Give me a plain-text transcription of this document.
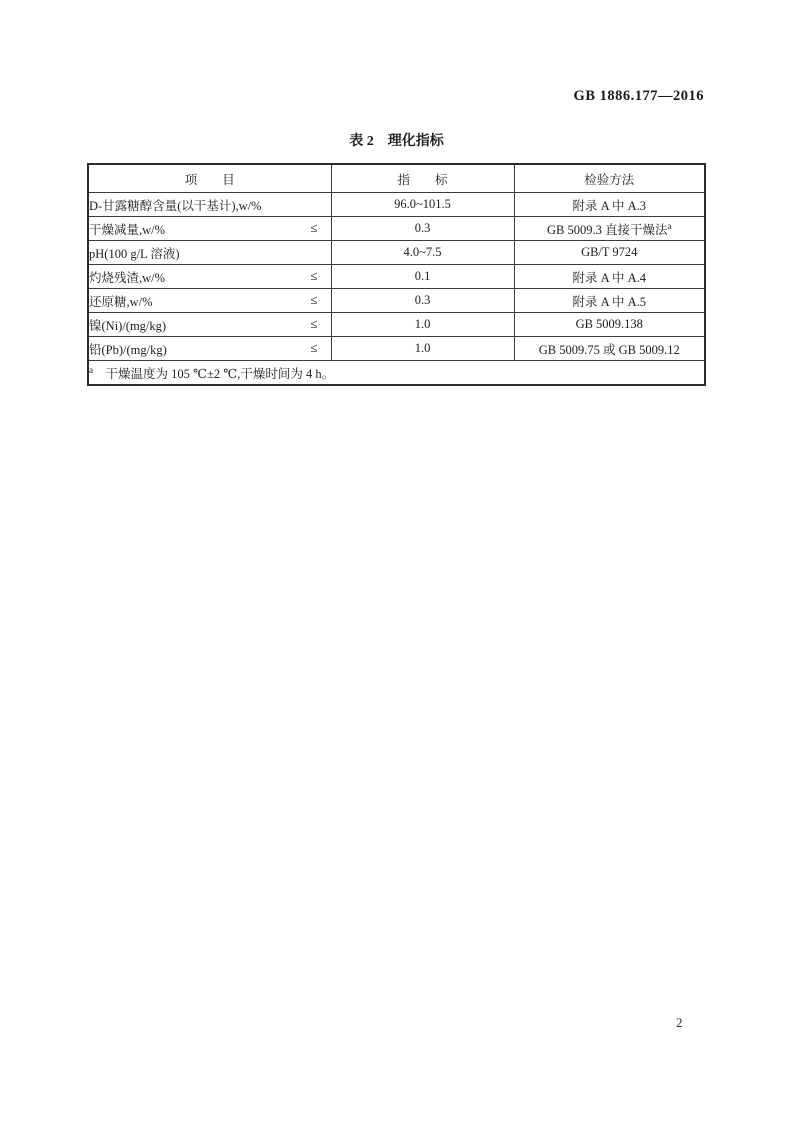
GB 1886.177—2016
表 2　理化指标
项　　目	指　　标	检验方法
D-甘露糖醇含量(以干基计),w/%	96.0~101.5	附录 A 中 A.3
干燥减量,w/% ≤	0.3	GB 5009.3 直接干燥法$^a$
pH(100 g/L 溶液)	4.0~7.5	GB/T 9724
灼烧残渣,w/% ≤	0.1	附录 A 中 A.4
还原糖,w/% ≤	0.3	附录 A 中 A.5
镍(Ni)/(mg/kg) ≤	1.0	GB 5009.138
铅(Pb)/(mg/kg) ≤	1.0	GB 5009.75 或 GB 5009.12
$^a$　干燥温度为 105 ℃±2 ℃,干燥时间为 4 h。		
2
